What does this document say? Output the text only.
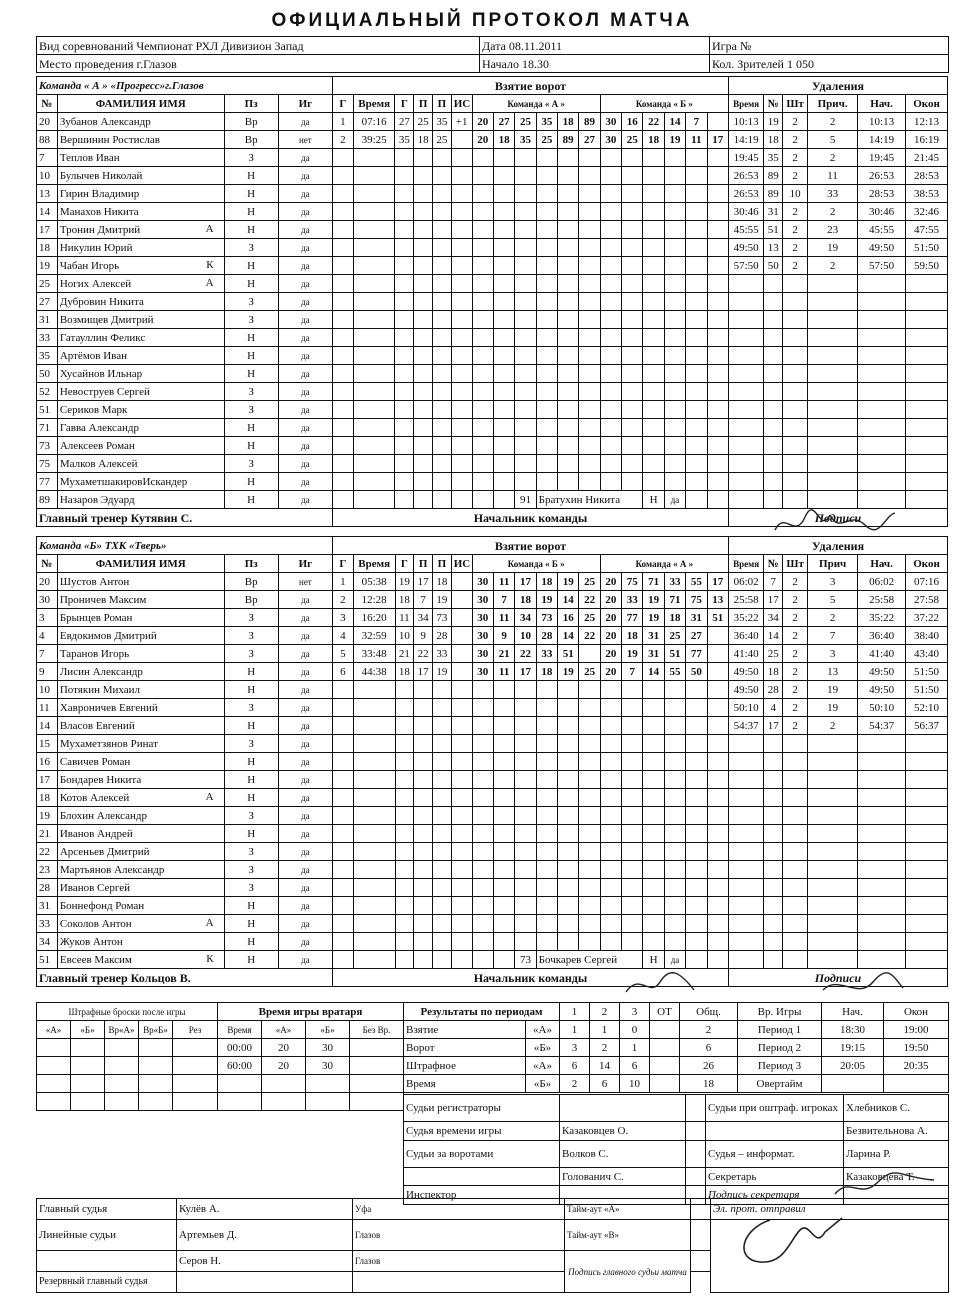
ОФИЦИАЛЬНЫЙ ПРОТОКОЛ МАТЧА
Вид соревнований Чемпионат РХЛ Дивизион Запад	Дата 08.11.2011	Игра №
Место проведения г.Глазов	Начало 18.30	Кол. Зрителей 1 050
Команда « А » «Прогресс»г.Глазов				Взятие ворот																		Удаления					
№	ФАМИЛИЯ ИМЯ	Пз	Иг	Г	Время	Г	П	П	ИС	Команда « А »						Команда « Б »						Время	№	Шт	Прич.	Нач.	Окон
20	Зубанов Александр	Вр	да	1	07:16	27	25	35	+1	20	27	25	35	18	89	30	16	22	14	7		10:13	19	2	2	10:13	12:13
88	Вершинин Ростислав	Вр	нет	2	39:25	35	18	25		20	18	35	25	89	27	30	25	18	19	11	17	14:19	18	2	5	14:19	16:19
7	Теплов Иван	З	да																			19:45	35	2	2	19:45	21:45
10	Булычев Николай	Н	да																			26:53	89	2	11	26:53	28:53
13	Гирин Владимир	Н	да																			26:53	89	10	33	28:53	38:53
14	Манахов Никита	Н	да																			30:46	31	2	2	30:46	32:46
17	Тронин Дмитрий А	Н	да																			45:55	51	2	23	45:55	47:55
18	Никулин Юрий	З	да																			49:50	13	2	19	49:50	51:50
19	Чабан Игорь К	Н	да																			57:50	50	2	2	57:50	59:50
25	Ногих Алексей А	Н	да																								
27	Дубровин Никита	З	да																								
31	Возмищев Дмитрий	З	да																								
33	Гатауллин Феликс	Н	да																								
35	Артёмов Иван	Н	да																								
50	Хусайнов Ильнар	Н	да																								
52	Невоструев Сергей	З	да																								
51	Сериков Марк	З	да																								
71	Гавва Александр	Н	да																								
73	Алексеев Роман	Н	да																								
75	Малков Алексей	З	да																								
77	МухаметшакировИскандер	Н	да																								
89	Назаров Эдуард	Н	да									91	Братухин Никита					Н	да								
Главный тренер Кутявин С.				Начальник команды																		Подписи					
Команда «Б» ТХК «Тверь»				Взятие ворот																		Удаления					
№	ФАМИЛИЯ ИМЯ	Пз	Иг	Г	Время	Г	П	П	ИС	Команда « Б »						Команда « А »						Время	№	Шт	Прич	Нач.	Окон
20	Шустов Антон	Вр	нет	1	05:38	19	17	18		30	11	17	18	19	25	20	75	71	33	55	17	06:02	7	2	3	06:02	07:16
30	Проничев Максим	Вр	да	2	12:28	18	7	19		30	7	18	19	14	22	20	33	19	71	75	13	25:58	17	2	5	25:58	27:58
3	Брынцев Роман	З	да	3	16:20	11	34	73		30	11	34	73	16	25	20	77	19	18	31	51	35:22	34	2	2	35:22	37:22
4	Евдокимов Дмитрий	З	да	4	32:59	10	9	28		30	9	10	28	14	22	20	18	31	25	27		36:40	14	2	7	36:40	38:40
7	Таранов Игорь	З	да	5	33:48	21	22	33		30	21	22	33	51		20	19	31	51	77		41:40	25	2	3	41:40	43:40
9	Лисин Александр	Н	да	6	44:38	18	17	19		30	11	17	18	19	25	20	7	14	55	50		49:50	18	2	13	49:50	51:50
10	Потякин Михаил	Н	да																			49:50	28	2	19	49:50	51:50
11	Хавроничев Евгений	З	да																			50:10	4	2	19	50:10	52:10
14	Власов Евгений	Н	да																			54:37	17	2	2	54:37	56:37
15	Мухаметзянов Ринат	З	да																								
16	Савичев Роман	Н	да																								
17	Бондарев Никита	Н	да																								
18	Котов Алексей А	Н	да																								
19	Блохин Александр	З	да																								
21	Иванов Андрей	Н	да																								
22	Арсеньев Дмитрий	З	да																								
23	Мартьянов Александр	З	да																								
28	Иванов Сергей	З	да																								
31	Боннефонд Роман	Н	да																								
33	Соколов Антон А	Н	да																								
34	Жуков Антон	Н	да																								
51	Евсеев Максим К	Н	да									73	Бочкарев Сергей					Н	да								
Главный тренер Кольцов В.				Начальник команды																		Подписи					
Штрафные броски после игры					Время игры вратаря			
«А»	«Б»	Вр«А»	Вр«Б»	Рез	Время	«А»	«Б»	Без Вр.
					00:00	20	30	
					60:00	20	30	

Результаты по периодам		1	2	3	ОТ	Общ.	Вр. Игры	Нач.	Окон
Взятие	«А»	1	1	0		2	Период 1	18:30	19:00
Ворот	«Б»	3	2	1		6	Период 2	19:15	19:50
Штрафное	«А»	6	14	6		26	Период 3	20:05	20:35
Время	«Б»	2	6	10		18	Овертайм		
Судьи регистраторы			Судьи при оштраф. игроках	Хлебников С.
Судья времени игры	Казаковцев О.			Безвительнова А.
Судьи за воротами	Волков С.		Судья – информат.	Ларина Р.
	Голованич С.		Секретарь	Казаковцева Т.
Инспектор			Подпись секретаря	
Главный судья	Кулёв А.	Уфа	Тайм-аут «А»		Эл. прот. отправил
Линейные судьи	Артемьев Д.	Глазов	Тайм-аут «В»		
	Серов Н.	Глазов	Подпись главного судьи матча		
Резервный главный судья					
